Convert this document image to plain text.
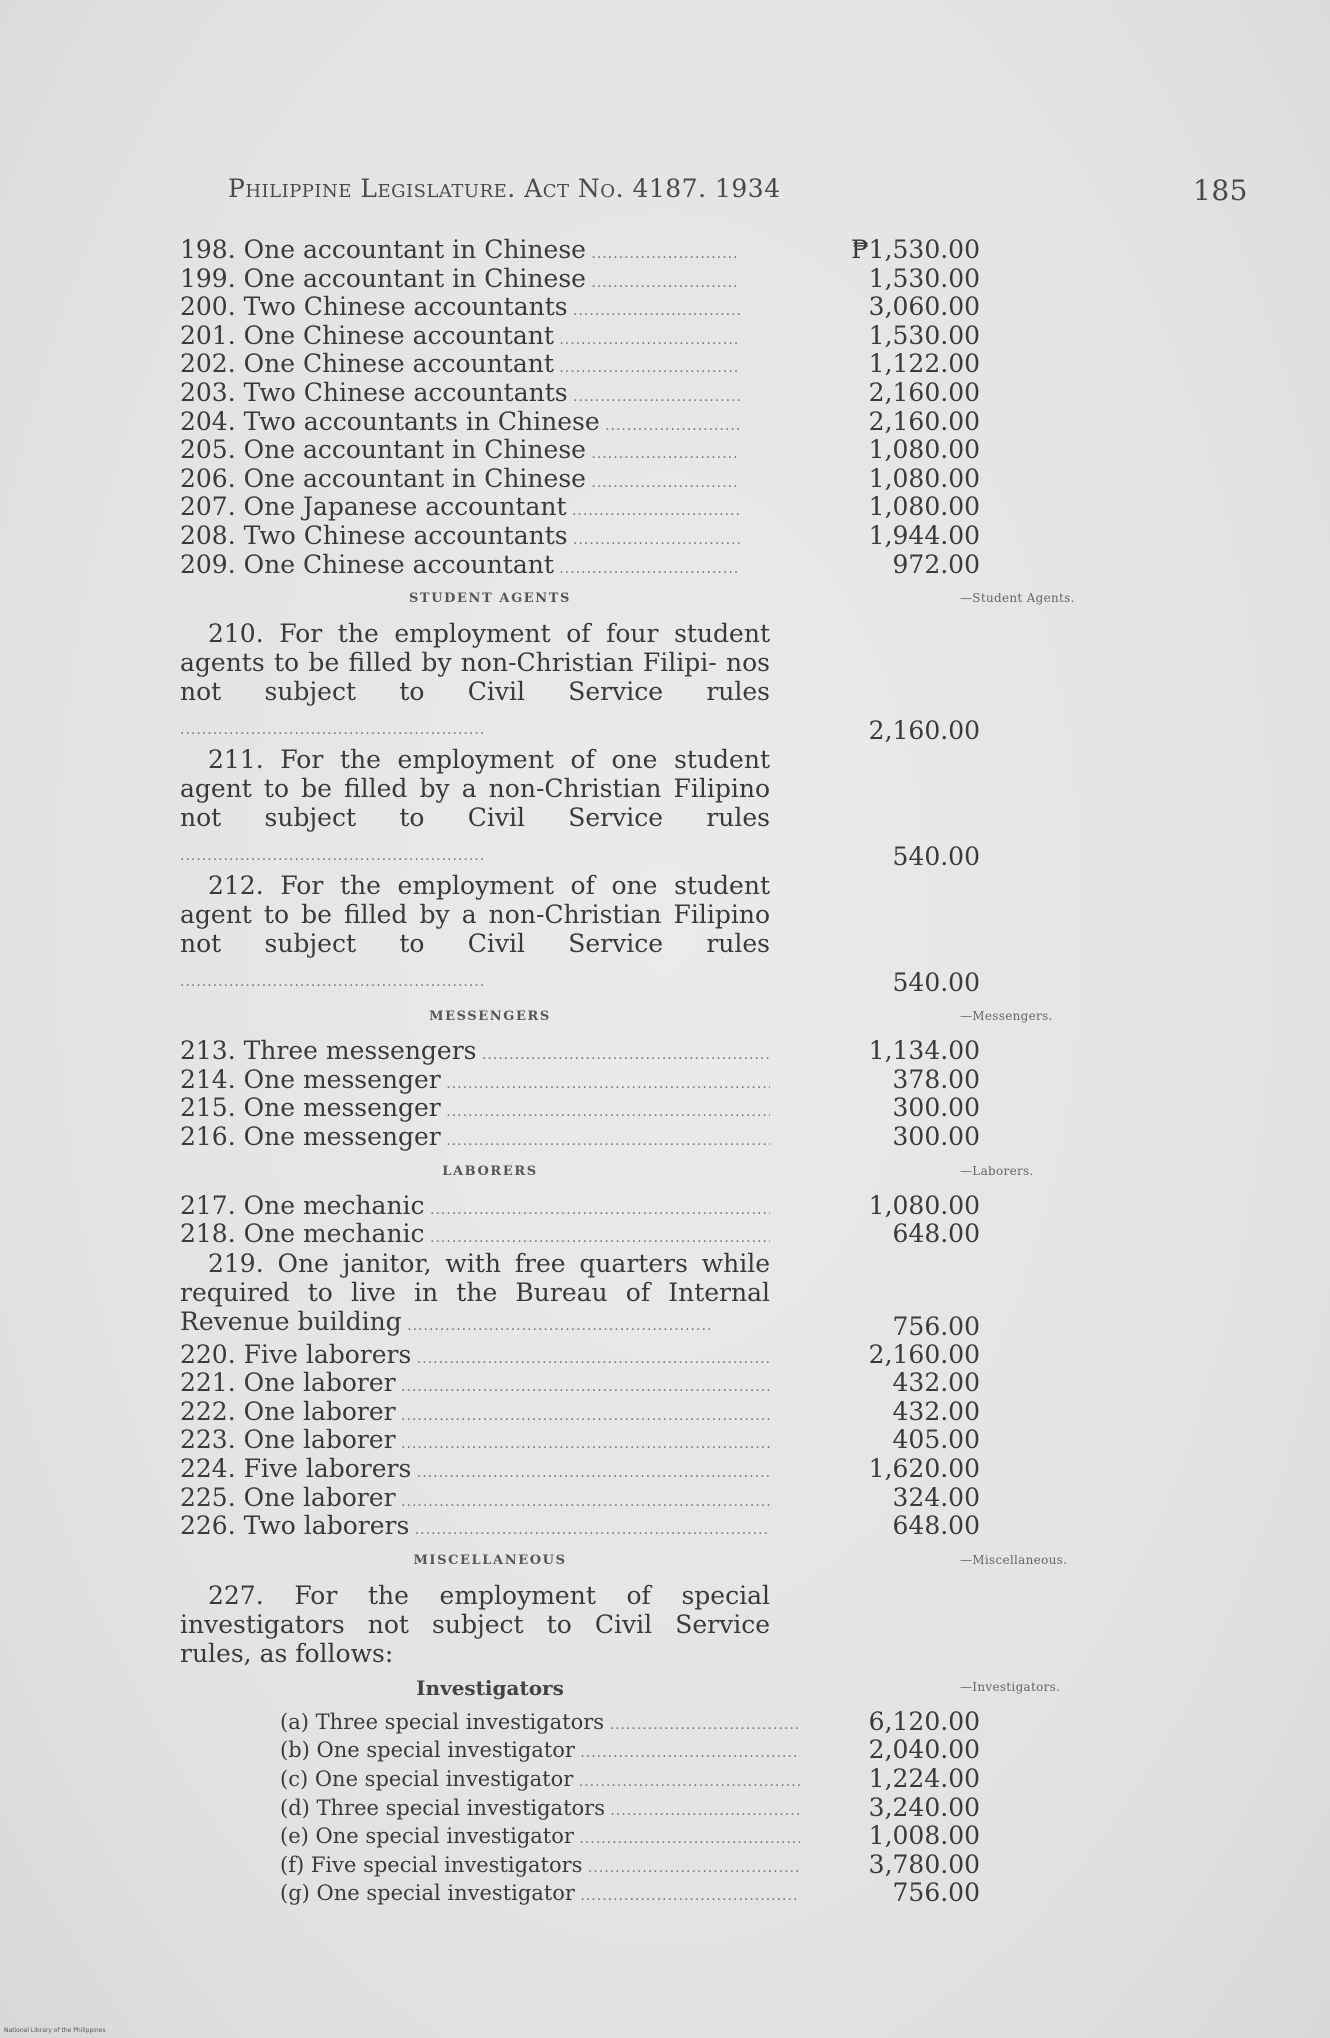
Philippine Legislature. Act No. 4187. 1934	185
198. One accountant in Chinese .....	₱1,530.00
199. One accountant in Chinese .....	1,530.00
200. Two Chinese accountants .....	3,060.00
201. One Chinese accountant .....	1,530.00
202. One Chinese accountant .....	1,122.00
203. Two Chinese accountants .....	2,160.00
204. Two accountants in Chinese .....	2,160.00
205. One accountant in Chinese .....	1,080.00
206. One accountant in Chinese .....	1,080.00
207. One Japanese accountant .....	1,080.00
208. Two Chinese accountants .....	1,944.00
209. One Chinese accountant .....	972.00
STUDENT AGENTS	—Student Agents.
210. For the employment of four student agents to be filled by non-Christian Filipi- nos not subject to Civil Service rules .....
2,160.00
211. For the employment of one student agent to be filled by a non-Christian Filipino not subject to Civil Service rules .....
540.00
212. For the employment of one student agent to be filled by a non-Christian Filipino not subject to Civil Service rules .....
540.00
MESSENGERS	—Messengers.
213. Three messengers .....	1,134.00
214. One messenger .....	378.00
215. One messenger .....	300.00
216. One messenger .....	300.00
LABORERS	—Laborers.
217. One mechanic .....	1,080.00
218. One mechanic .....	648.00
219. One janitor, with free quarters while required to live in the Bureau of Internal Revenue building .....	756.00
220. Five laborers .....	2,160.00
221. One laborer .....	432.00
222. One laborer .....	432.00
223. One laborer .....	405.00
224. Five laborers .....	1,620.00
225. One laborer .....	324.00
226. Two laborers .....	648.00
MISCELLANEOUS	—Miscellaneous.
227. For the employment of special investigators not subject to Civil Service rules, as follows:
Investigators	—Investigators.
(a) Three special investigators .....	6,120.00
(b) One special investigator .....	2,040.00
(c) One special investigator .....	1,224.00
(d) Three special investigators .....	3,240.00
(e) One special investigator .....	1,008.00
(f) Five special investigators .....	3,780.00
(g) One special investigator .....	756.00
National Library of the Philippines
